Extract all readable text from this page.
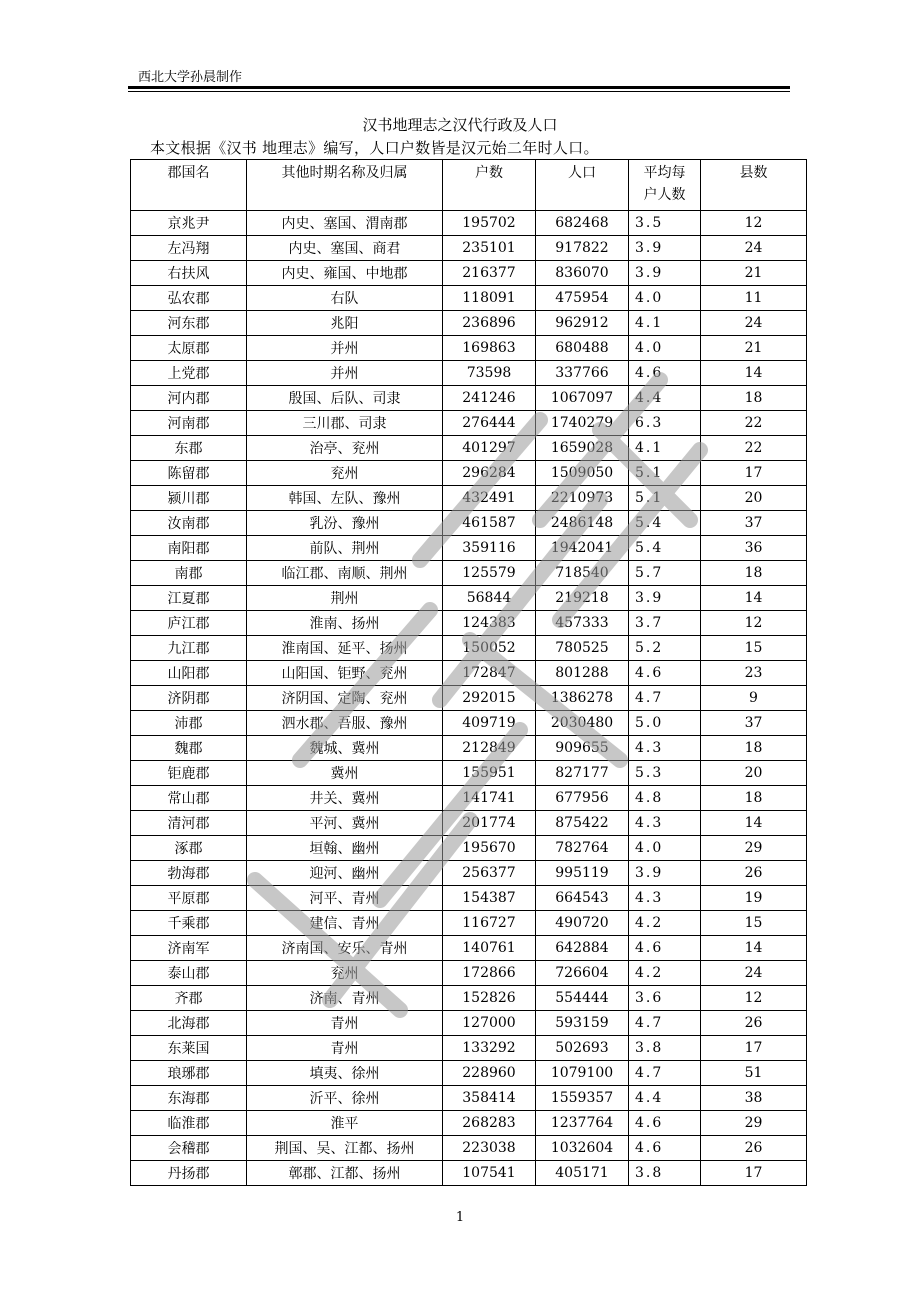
西北大学孙晨制作
汉书地理志之汉代行政及人口
本文根据《汉书 地理志》编写，人口户数皆是汉元始二年时人口。
郡国名	其他时期名称及归属	户数	人口	平均每
户人数	县数
京兆尹	内史、塞国、渭南郡	195702	682468	3.5	12
左冯翔	内史、塞国、商君	235101	917822	3.9	24
右扶风	内史、雍国、中地郡	216377	836070	3.9	21
弘农郡	右队	118091	475954	4.0	11
河东郡	兆阳	236896	962912	4.1	24
太原郡	并州	169863	680488	4.0	21
上党郡	并州	73598	337766	4.6	14
河内郡	殷国、后队、司隶	241246	1067097	4.4	18
河南郡	三川郡、司隶	276444	1740279	6.3	22
东郡	治亭、兖州	401297	1659028	4.1	22
陈留郡	兖州	296284	1509050	5.1	17
颍川郡	韩国、左队、豫州	432491	2210973	5.1	20
汝南郡	乳汾、豫州	461587	2486148	5.4	37
南阳郡	前队、荆州	359116	1942041	5.4	36
南郡	临江郡、南顺、荆州	125579	718540	5.7	18
江夏郡	荆州	56844	219218	3.9	14
庐江郡	淮南、扬州	124383	457333	3.7	12
九江郡	淮南国、延平、扬州	150052	780525	5.2	15
山阳郡	山阳国、钜野、兖州	172847	801288	4.6	23
济阴郡	济阴国、定陶、兖州	292015	1386278	4.7	9
沛郡	泗水郡、吾服、豫州	409719	2030480	5.0	37
魏郡	魏城、冀州	212849	909655	4.3	18
钜鹿郡	冀州	155951	827177	5.3	20
常山郡	井关、冀州	141741	677956	4.8	18
清河郡	平河、冀州	201774	875422	4.3	14
涿郡	垣翰、幽州	195670	782764	4.0	29
勃海郡	迎河、幽州	256377	995119	3.9	26
平原郡	河平、青州	154387	664543	4.3	19
千乘郡	建信、青州	116727	490720	4.2	15
济南军	济南国、安乐、青州	140761	642884	4.6	14
泰山郡	兖州	172866	726604	4.2	24
齐郡	济南、青州	152826	554444	3.6	12
北海郡	青州	127000	593159	4.7	26
东莱国	青州	133292	502693	3.8	17
琅琊郡	填夷、徐州	228960	1079100	4.7	51
东海郡	沂平、徐州	358414	1559357	4.4	38
临淮郡	淮平	268283	1237764	4.6	29
会稽郡	荆国、吴、江都、扬州	223038	1032604	4.6	26
丹扬郡	鄣郡、江都、扬州	107541	405171	3.8	17
1
